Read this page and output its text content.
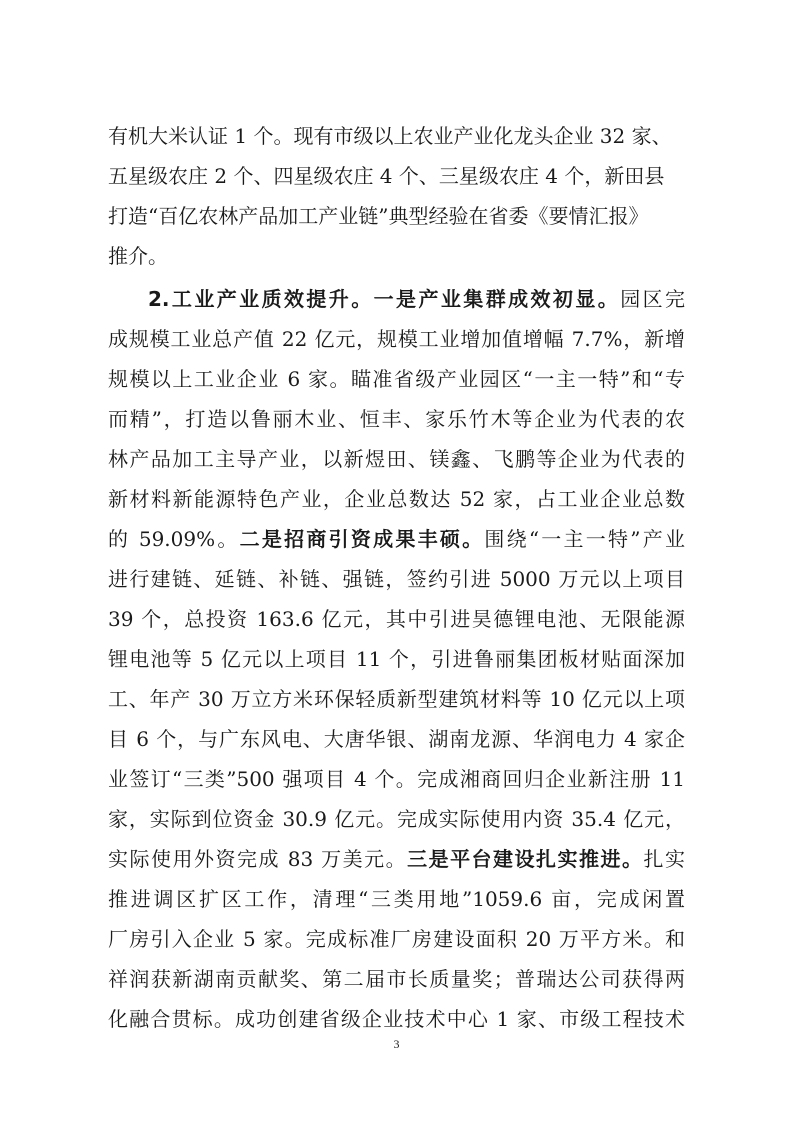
有机大米认证 1 个。现有市级以上农业产业化龙头企业 32 家、
五星级农庄 2 个、四星级农庄 4 个、三星级农庄 4 个，新田县
打造“百亿农林产品加工产业链”典型经验在省委《要情汇报》
推介。
2.工业产业质效提升。一是产业集群成效初显。园区完
成规模工业总产值 22 亿元，规模工业增加值增幅 7.7%，新增
规模以上工业企业 6 家。瞄准省级产业园区“一主一特”和“专
而精”，打造以鲁丽木业、恒丰、家乐竹木等企业为代表的农
林产品加工主导产业，以新煜田、镁鑫、飞鹏等企业为代表的
新材料新能源特色产业，企业总数达 52 家，占工业企业总数
的 59.09%。二是招商引资成果丰硕。围绕“一主一特”产业
进行建链、延链、补链、强链，签约引进 5000 万元以上项目
39 个，总投资 163.6 亿元，其中引进昊德锂电池、无限能源
锂电池等 5 亿元以上项目 11 个，引进鲁丽集团板材贴面深加
工、年产 30 万立方米环保轻质新型建筑材料等 10 亿元以上项
目 6 个，与广东风电、大唐华银、湖南龙源、华润电力 4 家企
业签订“三类”500 强项目 4 个。完成湘商回归企业新注册 11
家，实际到位资金 30.9 亿元。完成实际使用内资 35.4 亿元，
实际使用外资完成 83 万美元。三是平台建设扎实推进。扎实
推进调区扩区工作，清理“三类用地”1059.6 亩，完成闲置
厂房引入企业 5 家。完成标准厂房建设面积 20 万平方米。和
祥润获新湖南贡献奖、第二届市长质量奖；普瑞达公司获得两
化融合贯标。成功创建省级企业技术中心 1 家、市级工程技术
3
